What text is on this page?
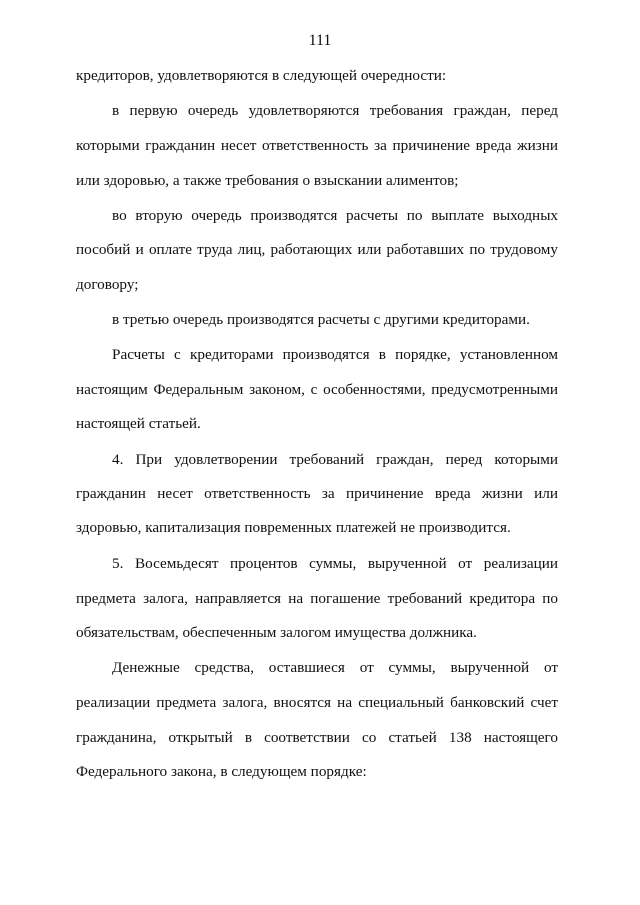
111
кредиторов, удовлетворяются в следующей очередности:
в первую очередь удовлетворяются требования граждан, перед
которыми гражданин несет ответственность за причинение вреда жизни
или здоровью, а также требования о взыскании алиментов;
во вторую очередь производятся расчеты по выплате выходных
пособий и оплате труда лиц, работающих или работавших по трудовому
договору;
в третью очередь производятся расчеты с другими кредиторами.
Расчеты с кредиторами производятся в порядке, установленном
настоящим Федеральным законом, с особенностями, предусмотренными
настоящей статьей.
4. При удовлетворении требований граждан, перед которыми
гражданин несет ответственность за причинение вреда жизни или
здоровью, капитализация повременных платежей не производится.
5. Восемьдесят процентов суммы, вырученной от реализации
предмета залога, направляется на погашение требований кредитора по
обязательствам, обеспеченным залогом имущества должника.
Денежные средства, оставшиеся от суммы, вырученной от
реализации предмета залога, вносятся на специальный банковский счет
гражданина, открытый в соответствии со статьей 138 настоящего
Федерального закона, в следующем порядке:
